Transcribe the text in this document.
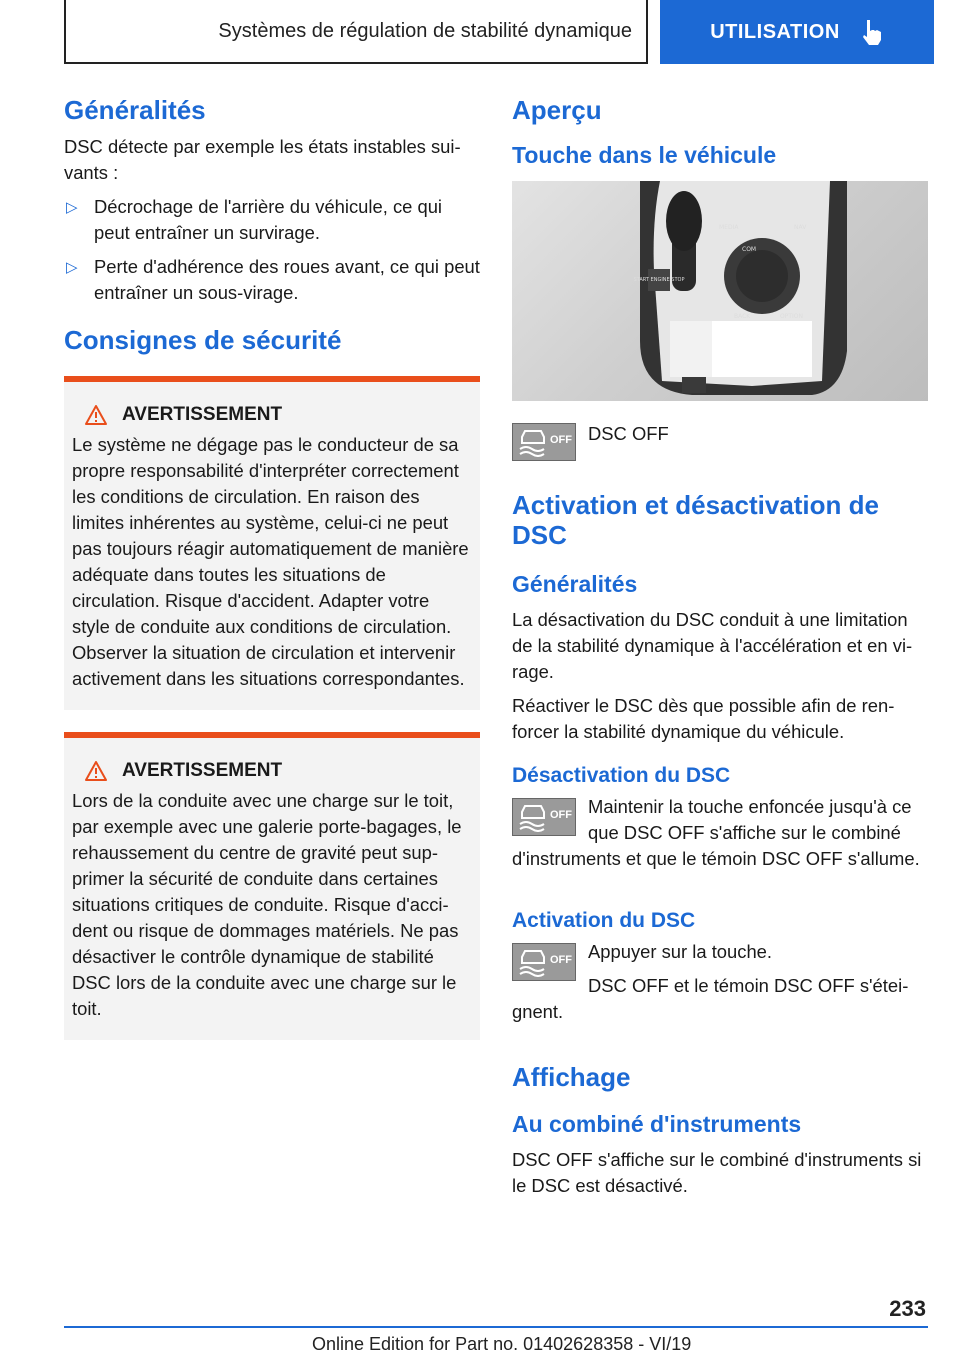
Systèmes de régulation de stabilité dynamique	UTILISATION
Généralités

DSC détecte par exemple les états instables suivants :

▷ Décrochage de l'arrière du véhicule, ce qui peut entraîner un survirage.
▷ Perte d'adhérence des roues avant, ce qui peut entraîner un sous-virage.
Consignes de sécurité
AVERTISSEMENT

Le système ne dégage pas le conducteur de sa propre responsabilité d'interpréter correctement les conditions de circulation. En raison des limites inhérentes au système, celui-ci ne peut pas toujours réagir automatiquement de manière adéquate dans toutes les situations de circulation. Risque d'accident. Adapter votre style de conduite aux conditions de circulation. Observer la situation de circulation et intervenir activement dans les situations correspondantes.

AVERTISSEMENT

Lors de la conduite avec une charge sur le toit, par exemple avec une galerie porte-bagages, le rehaussement du centre de gravité peut supprimer la sécurité de conduite dans certaines situations critiques de conduite. Risque d'accident ou risque de dommages matériels. Ne pas désactiver le contrôle dynamique de stabilité DSC lors de la conduite avec une charge sur le toit.

Aperçu
Touche dans le véhicule
START ENGINE STOP
MEDIA	NAV
COM
BACK	OPTION
OFF DSC OFF

Activation et désactivation de DSC
Généralités

La désactivation du DSC conduit à une limitation de la stabilité dynamique à l'accélération et en virage.

Réactiver le DSC dès que possible afin de renforcer la stabilité dynamique du véhicule.

Désactivation du DSC
OFF Maintenir la touche enfoncée jusqu'à ce que DSC OFF s'affiche sur le combiné d'instruments et que le témoin DSC OFF s'allume.

Activation du DSC
OFF Appuyer sur la touche.

DSC OFF et le témoin DSC OFF s'éteignent.

Affichage
Au combiné d'instruments

DSC OFF s'affiche sur le combiné d'instruments si le DSC est désactivé.

233
Online Edition for Part no. 01402628358 - VI/19
